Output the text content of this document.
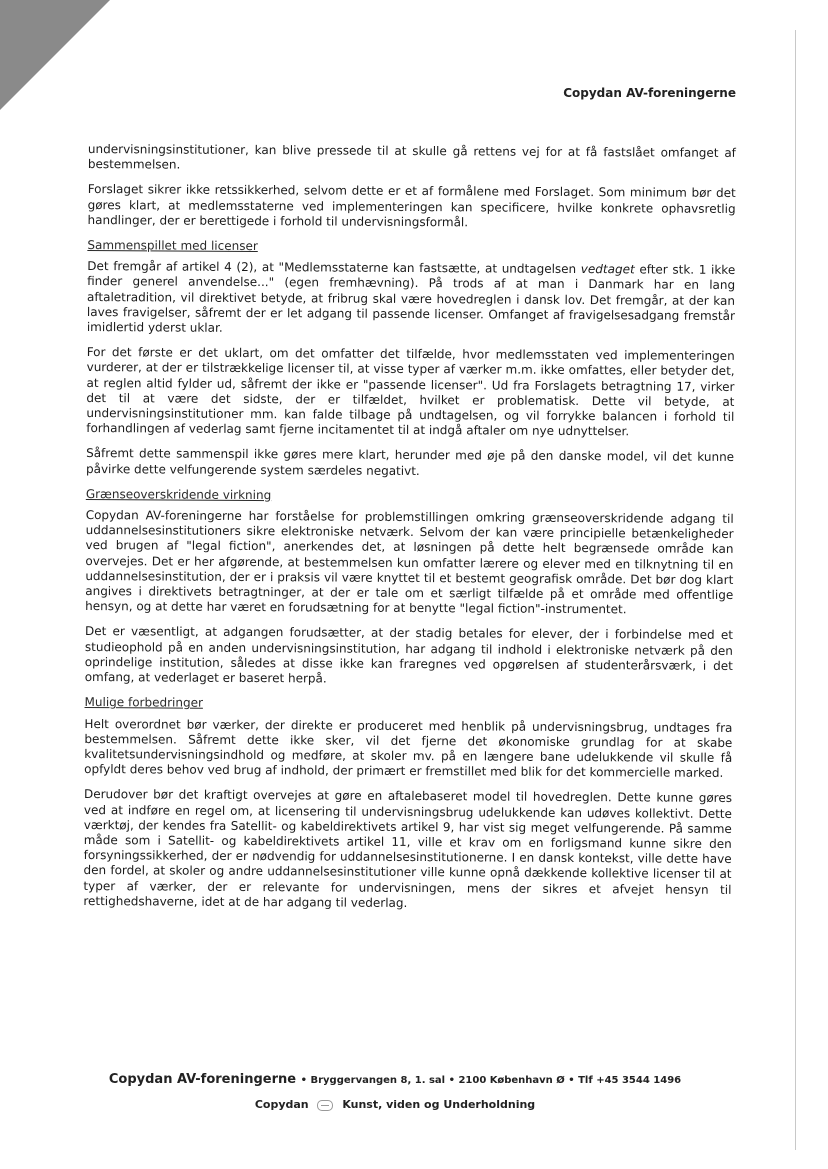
Copydan AV-foreningerne

undervisningsinstitutioner, kan blive pressede til at skulle gå rettens vej for at få fastslået omfanget af bestemmelsen.

Forslaget sikrer ikke retssikkerhed, selvom dette er et af formålene med Forslaget. Som minimum bør det gøres klart, at medlemsstaterne ved implementeringen kan specificere, hvilke konkrete ophavsretlig handlinger, der er berettigede i forhold til undervisningsformål.

Sammenspillet med licenser

Det fremgår af artikel 4 (2), at "Medlemsstaterne kan fastsætte, at undtagelsen vedtaget efter stk. 1 ikke finder generel anvendelse..." (egen fremhævning). På trods af at man i Danmark har en lang aftaletradition, vil direktivet betyde, at fribrug skal være hovedreglen i dansk lov. Det fremgår, at der kan laves fravigelser, såfremt der er let adgang til passende licenser. Omfanget af fravigelsesadgang fremstår imidlertid yderst uklar.

For det første er det uklart, om det omfatter det tilfælde, hvor medlemsstaten ved implementeringen vurderer, at der er tilstrækkelige licenser til, at visse typer af værker m.m. ikke omfattes, eller betyder det, at reglen altid fylder ud, såfremt der ikke er "passende licenser". Ud fra Forslagets betragtning 17, virker det til at være det sidste, der er tilfældet, hvilket er problematisk. Dette vil betyde, at undervisningsinstitutioner mm. kan falde tilbage på undtagelsen, og vil forrykke balancen i forhold til forhandlingen af vederlag samt fjerne incitamentet til at indgå aftaler om nye udnyttelser.

Såfremt dette sammenspil ikke gøres mere klart, herunder med øje på den danske model, vil det kunne påvirke dette velfungerende system særdeles negativt.

Grænseoverskridende virkning

Copydan AV-foreningerne har forståelse for problemstillingen omkring grænseoverskridende adgang til uddannelsesinstitutioners sikre elektroniske netværk. Selvom der kan være principielle betænkeligheder ved brugen af "legal fiction", anerkendes det, at løsningen på dette helt begrænsede område kan overvejes. Det er her afgørende, at bestemmelsen kun omfatter lærere og elever med en tilknytning til en uddannelsesinstitution, der er i praksis vil være knyttet til et bestemt geografisk område. Det bør dog klart angives i direktivets betragtninger, at der er tale om et særligt tilfælde på et område med offentlige hensyn, og at dette har været en forudsætning for at benytte "legal fiction"-instrumentet.

Det er væsentligt, at adgangen forudsætter, at der stadig betales for elever, der i forbindelse med et studieophold på en anden undervisningsinstitution, har adgang til indhold i elektroniske netværk på den oprindelige institution, således at disse ikke kan fraregnes ved opgørelsen af studenterårsværk, i det omfang, at vederlaget er baseret herpå.

Mulige forbedringer

Helt overordnet bør værker, der direkte er produceret med henblik på undervisningsbrug, undtages fra bestemmelsen. Såfremt dette ikke sker, vil det fjerne det økonomiske grundlag for at skabe kvalitetsundervisningsindhold og medføre, at skoler mv. på en længere bane udelukkende vil skulle få opfyldt deres behov ved brug af indhold, der primært er fremstillet med blik for det kommercielle marked.

Derudover bør det kraftigt overvejes at gøre en aftalebaseret model til hovedreglen. Dette kunne gøres ved at indføre en regel om, at licensering til undervisningsbrug udelukkende kan udøves kollektivt. Dette værktøj, der kendes fra Satellit- og kabeldirektivets artikel 9, har vist sig meget velfungerende. På samme måde som i Satellit- og kabeldirektivets artikel 11, ville et krav om en forligsmand kunne sikre den forsyningssikkerhed, der er nødvendig for uddannelsesinstitutionerne. I en dansk kontekst, ville dette have den fordel, at skoler og andre uddannelsesinstitutioner ville kunne opnå dækkende kollektive licenser til at typer af værker, der er relevante for undervisningen, mens der sikres et afvejet hensyn til rettighedshaverne, idet at de har adgang til vederlag.

Copydan AV-foreningerne • Bryggervangen 8, 1. sal • 2100 København Ø • Tlf +45 3544 1496
Copydan	Kunst, viden og Underholdning
